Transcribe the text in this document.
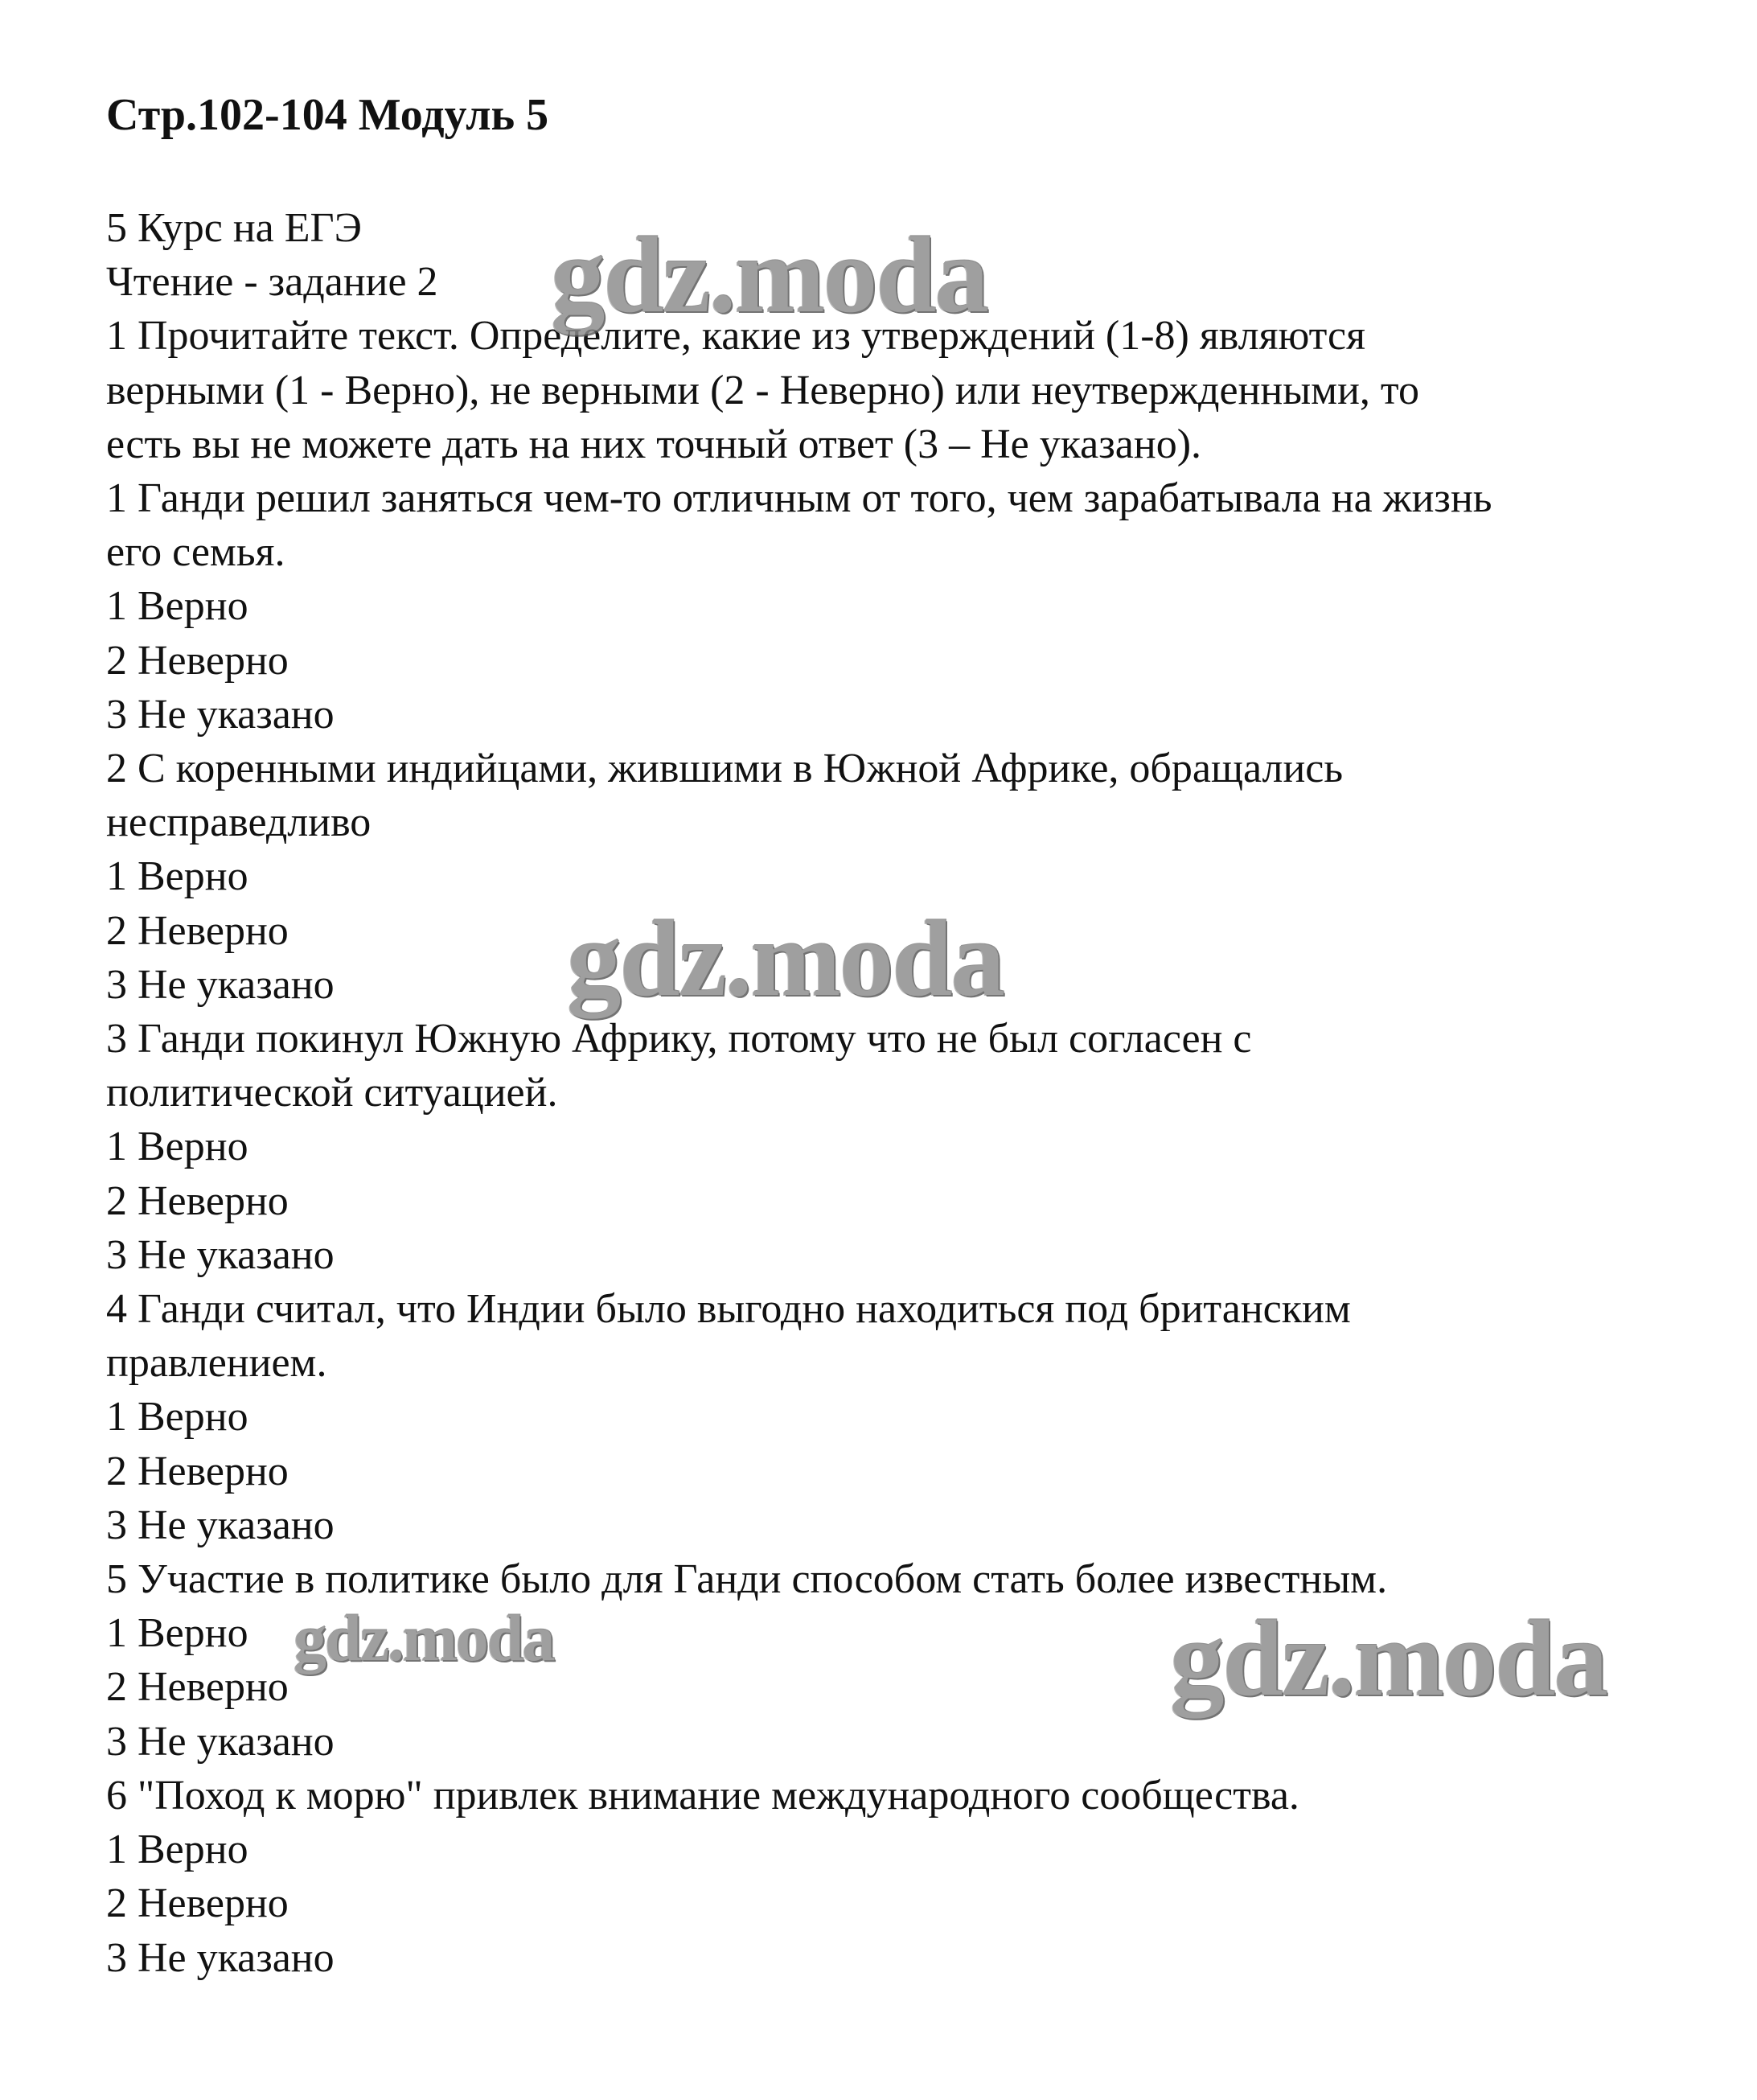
Стр.102-104 Модуль 5
5 Курс на ЕГЭ
Чтение - задание 2
1 Прочитайте текст. Определите, какие из утверждений (1-8) являются
верными (1 - Верно), не верными (2 - Неверно) или неутвержденными, то
есть вы не можете дать на них точный ответ (3 – Не указано).
1 Ганди решил заняться чем-то отличным от того, чем зарабатывала на жизнь
его семья.
1 Верно
2 Неверно
3 Не указано
2 С коренными индийцами, жившими в Южной Африке, обращались
несправедливо
1 Верно
2 Неверно
3 Не указано
3 Ганди покинул Южную Африку, потому что не был согласен с
политической ситуацией.
1 Верно
2 Неверно
3 Не указано
4 Ганди считал, что Индии было выгодно находиться под британским
правлением.
1 Верно
2 Неверно
3 Не указано
5 Участие в политике было для Ганди способом стать более известным.
1 Верно
2 Неверно
3 Не указано
6 "Поход к морю" привлек внимание международного сообщества.
1 Верно
2 Неверно
3 Не указано
gdz.moda
gdz.moda
gdz.moda	gdz.moda
